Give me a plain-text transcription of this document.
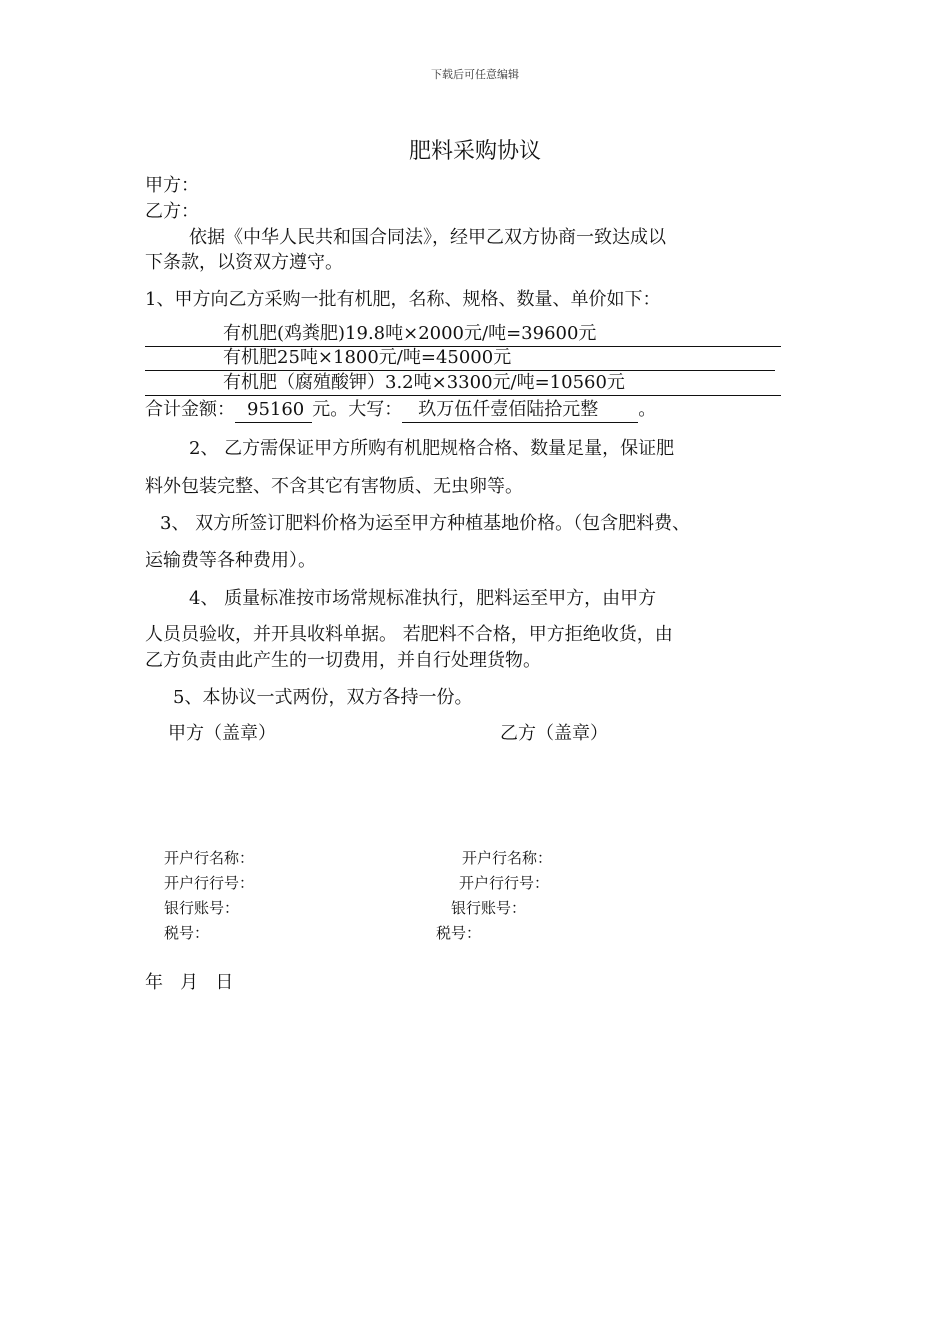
下载后可任意编辑
肥料采购协议
甲方：
乙方：
依据《中华人民共和国合同法》，经甲乙双方协商一致达成以
下条款，以资双方遵守。
1、甲方向乙方采购一批有机肥，名称、规格、数量、单价如下：
有机肥(鸡粪肥)19.8吨×2000元/吨=39600元
有机肥25吨×1800元/吨=45000元
有机肥（腐殖酸钾）3.2吨×3300元/吨=10560元
合计金额： 95160 元。大写： 玖万伍仟壹佰陆拾元整 。
2、 乙方需保证甲方所购有机肥规格合格、数量足量，保证肥
料外包装完整、不含其它有害物质、无虫卵等。
3、 双方所签订肥料价格为运至甲方种植基地价格。（包含肥料费、
运输费等各种费用）。
4、 质量标准按市场常规标准执行，肥料运至甲方，由甲方
人员员验收，并开具收料单据。 若肥料不合格，甲方拒绝收货，由
乙方负责由此产生的一切费用，并自行处理货物。
5、本协议一式两份，双方各持一份。
甲方（盖章）	乙方（盖章）
开户行名称：
开户行行号：
银行账号：
税号：
开户行名称：
开户行行号：
银行账号：
税号：
年   月   日
